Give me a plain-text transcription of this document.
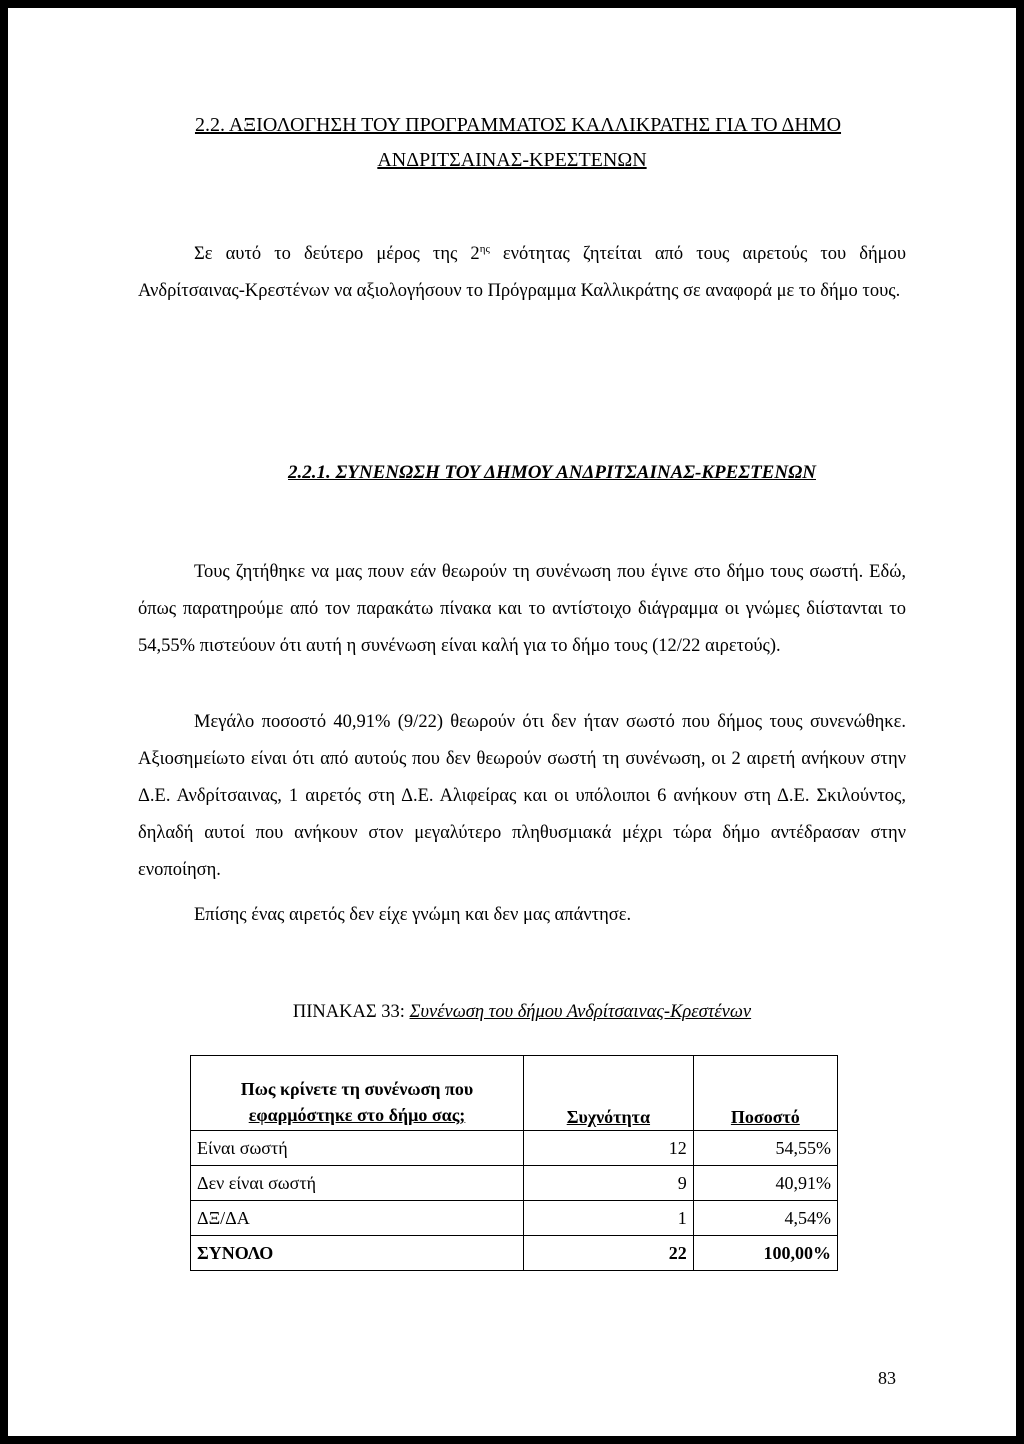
2.2. ΑΞΙΟΛΟΓΗΣΗ ΤΟΥ ΠΡΟΓΡΑΜΜΑΤΟΣ ΚΑΛΛΙΚΡΑΤΗΣ ΓΙΑ ΤΟ ΔΗΜΟ
ΑΝΔΡΙΤΣΑΙΝΑΣ-ΚΡΕΣΤΕΝΩΝ

Σε αυτό το δεύτερο μέρος της $2^{\eta\varsigma}$ ενότητας ζητείται από τους αιρετούς του δήμου Ανδρίτσαινας-Κρεστένων να αξιολογήσουν το Πρόγραμμα Καλλικράτης σε αναφορά με το δήμο τους.

2.2.1. ΣΥΝΕΝΩΣΗ ΤΟΥ ΔΗΜΟΥ ΑΝΔΡΙΤΣΑΙΝΑΣ-ΚΡΕΣΤΕΝΩΝ

Τους ζητήθηκε να μας πουν εάν θεωρούν τη συνένωση που έγινε στο δήμο τους σωστή. Εδώ, όπως παρατηρούμε από τον παρακάτω πίνακα και το αντίστοιχο διάγραμμα οι γνώμες διίστανται το 54,55% πιστεύουν ότι αυτή η συνένωση είναι καλή για το δήμο τους (12/22 αιρετούς).

Μεγάλο ποσοστό 40,91% (9/22) θεωρούν ότι δεν ήταν σωστό που δήμος τους συνενώθηκε. Αξιοσημείωτο είναι ότι από αυτούς που δεν θεωρούν σωστή τη συνένωση, οι 2 αιρετή ανήκουν στην Δ.Ε. Ανδρίτσαινας, 1 αιρετός στη Δ.Ε. Αλιφείρας και οι υπόλοιποι 6 ανήκουν στη Δ.Ε. Σκιλούντος, δηλαδή αυτοί που ανήκουν στον μεγαλύτερο πληθυσμιακά μέχρι τώρα δήμο αντέδρασαν στην ενοποίηση.

Επίσης ένας αιρετός δεν είχε γνώμη και δεν μας απάντησε.

ΠΙΝΑΚΑΣ 33: Συνένωση του δήμου Ανδρίτσαινας-Κρεστένων
Πως κρίνετε τη συνένωση που
εφαρμόστηκε στο δήμο σας;	Συχνότητα	Ποσοστό
Είναι σωστή	12	54,55%
Δεν είναι σωστή	9	40,91%
ΔΞ/ΔΑ	1	4,54%
ΣΥΝΟΛΟ	22	100,00%
83
